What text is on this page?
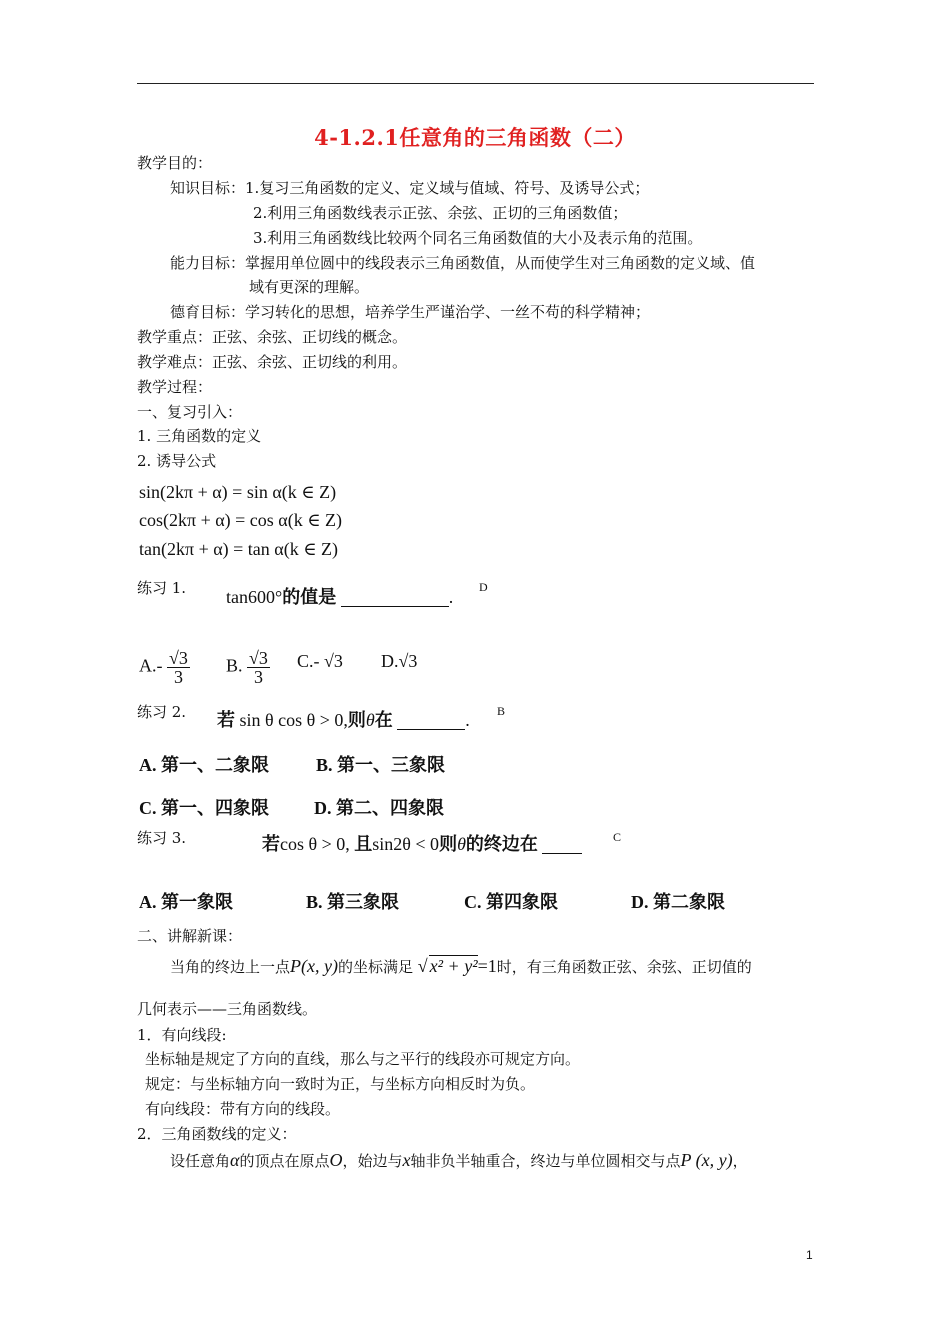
4-1.2.1任意角的三角函数（二）
教学目的：
知识目标：1.复习三角函数的定义、定义域与值域、符号、及诱导公式；
2.利用三角函数线表示正弦、余弦、正切的三角函数值；
3.利用三角函数线比较两个同名三角函数值的大小及表示角的范围。
能力目标：掌握用单位圆中的线段表示三角函数值，从而使学生对三角函数的定义域、值
域有更深的理解。
德育目标：学习转化的思想，培养学生严谨治学、一丝不苟的科学精神；
教学重点：正弦、余弦、正切线的概念。
教学难点：正弦、余弦、正切线的利用。
教学过程：
一、复习引入：
1. 三角函数的定义
2. 诱导公式
sin(2kπ + α) = sin α(k ∈ Z)
cos(2kπ + α) = cos α(k ∈ Z)
tan(2kπ + α) = tan α(k ∈ Z)
练习 1. tan600°的值是	. D
$A.- \frac{√3}{3} B$. $\frac{√3}{3} C.-$ √3 D.√3
练习 2. 若 sin θ cos θ > 0,则θ在	. B
A. 第一、二象限	B. 第一、三象限
C. 第一、四象限	D. 第二、四象限
练习 3.	若cos θ > 0, 且sin2θ < 0则θ的终边在	C
A. 第一象限	B. 第三象限	C. 第四象限	D. 第二象限
二、讲解新课：
当角的终边上一点P(x, y)的坐标满足 √ x² + y²=1时，有三角函数正弦、余弦、正切值的
几何表示——三角函数线。
1．有向线段:
坐标轴是规定了方向的直线，那么与之平行的线段亦可规定方向。
规定：与坐标轴方向一致时为正，与坐标方向相反时为负。
有向线段：带有方向的线段。
2．三角函数线的定义：
设任意角α的顶点在原点O，始边与x轴非负半轴重合，终边与单位圆相交与点P (x, y)，
1
